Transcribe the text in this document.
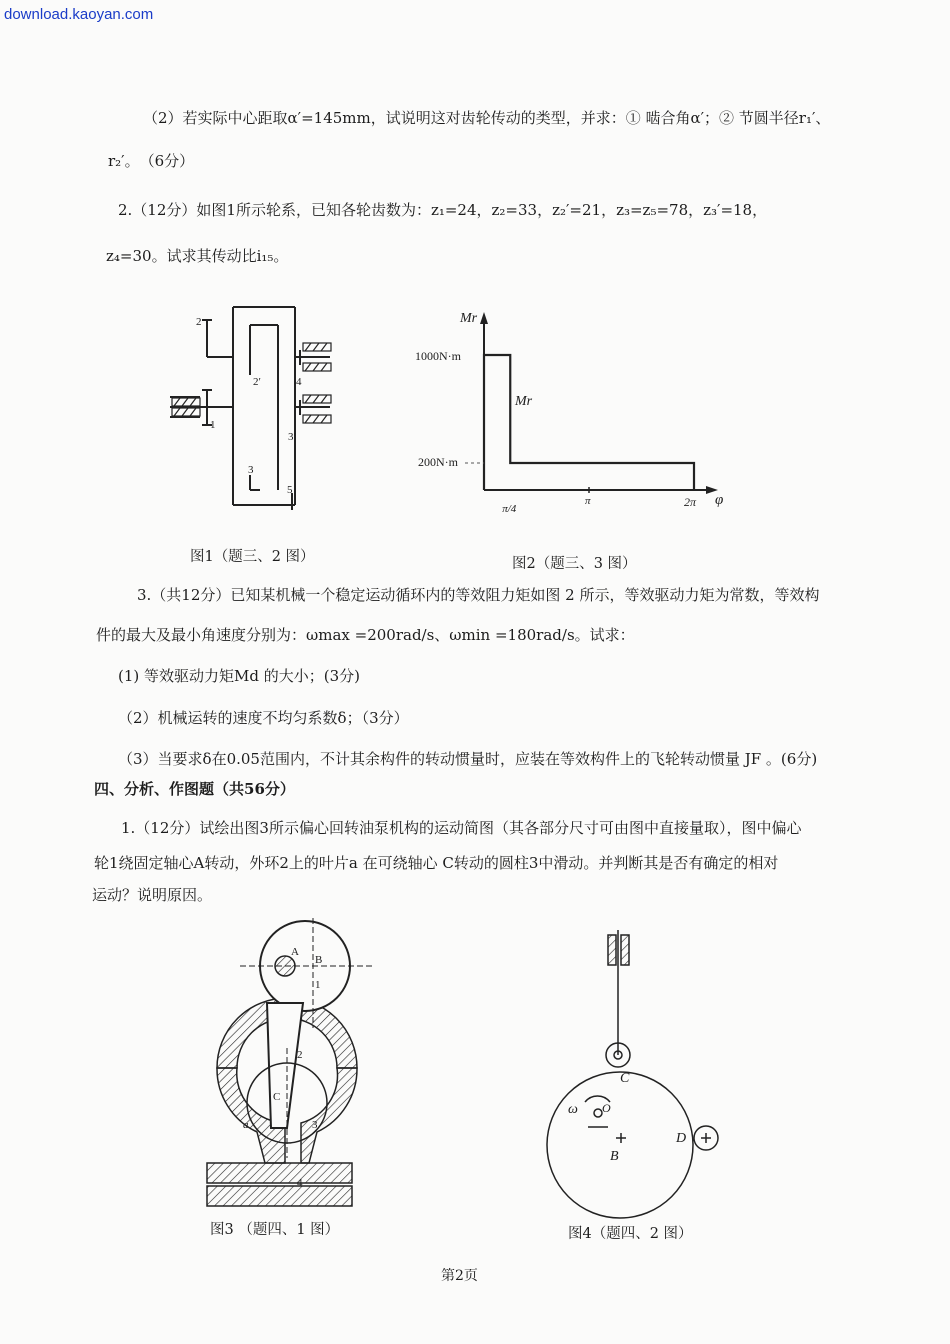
download.kaoyan.com
（2）若实际中心距取α′=145mm，试说明这对齿轮传动的类型，并求：① 啮合角α′；② 节圆半径r₁′、
r₂′。　（6分）
2.（12分）如图1所示轮系，已知各轮齿数为：z₁=24，z₂=33，z₂′=21，z₃=z₅=78，z₃′=18，
z₄=30。试求其传动比i₁₅。
2
2′	4
1
3′
3
5
Mr
Mr
1000N·m
200N·m
π/4
π	2π φ
图1（题三、2 图）	图2（题三、3 图）
3.（共12分）已知某机械一个稳定运动循环内的等效阻力矩如图 2 所示，等效驱动力矩为常数，等效构
件的最大及最小角速度分别为：ωmax =200rad/s、ωmin =180rad/s。试求：
(1) 等效驱动力矩Md 的大小；(3分)
（2）机械运转的速度不均匀系数δ；（3分）
（3）当要求δ在0.05范围内，不计其余构件的转动惯量时，应装在等效构件上的飞轮转动惯量 JF 。(6分)
四、分析、作图题（共56分）
1.（12分）试绘出图3所示偏心回转油泵机构的运动简图（其各部分尺寸可由图中直接量取），图中偏心
轮1绕固定轴心A转动，外环2上的叶片a 在可绕轴心 C转动的圆柱3中滑动。并判断其是否有确定的相对
运动？说明原因。
A
B
1
2
C
a	3
4
C
ω O
B
D
图3 （题四、1 图）	图4（题四、2 图）
第2页
